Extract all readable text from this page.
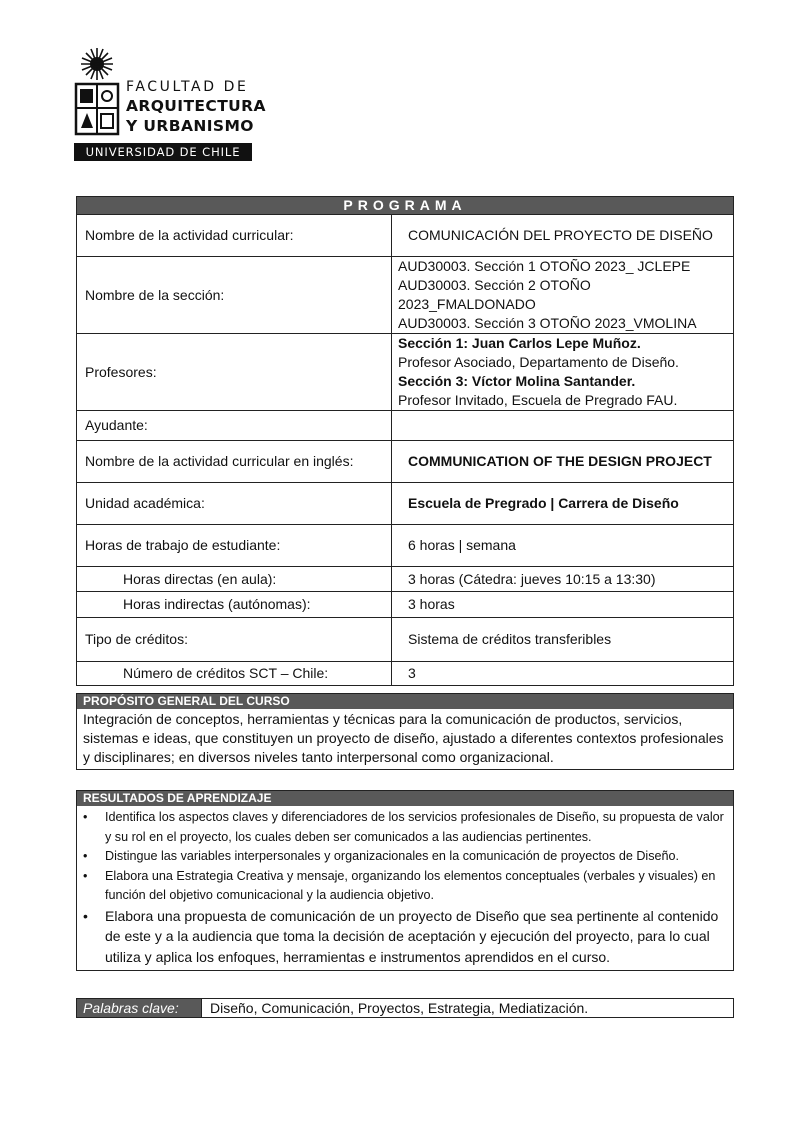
FACULTAD DE
ARQUITECTURA
Y URBANISMO
UNIVERSIDAD DE CHILE
PROGRAMA	
Nombre de la actividad curricular:	COMUNICACIÓN DEL PROYECTO DE DISEÑO
Nombre de la sección:	AUD30003. Sección 1 OTOÑO 2023_ JCLEPE
AUD30003. Sección 2 OTOÑO 2023_FMALDONADO
AUD30003. Sección 3 OTOÑO 2023_VMOLINA

Profesores:	Sección 1: Juan Carlos Lepe Muñoz.
Profesor Asociado, Departamento de Diseño.
Sección 3: Víctor Molina Santander.
Profesor Invitado, Escuela de Pregrado FAU.

Ayudante:	
Nombre de la actividad curricular en inglés:	COMMUNICATION OF THE DESIGN PROJECT
Unidad académica:	Escuela de Pregrado | Carrera de Diseño
Horas de trabajo de estudiante:	6 horas | semana
Horas directas (en aula):	3 horas (Cátedra: jueves 10:15 a 13:30)
Horas indirectas (autónomas):	3 horas
Tipo de créditos:	Sistema de créditos transferibles
Número de créditos SCT – Chile:	3
PROPÓSITO GENERAL DEL CURSO
Integración de conceptos, herramientas y técnicas para la comunicación de productos, servicios, sistemas e ideas, que constituyen un proyecto de diseño, ajustado a diferentes contextos profesionales y disciplinares; en diversos niveles tanto interpersonal como organizacional.
RESULTADOS DE APRENDIZAJE
• Identifica los aspectos claves y diferenciadores de los servicios profesionales de Diseño, su propuesta de valor y su rol en el proyecto, los cuales deben ser comunicados a las audiencias pertinentes.
• Distingue las variables interpersonales y organizacionales en la comunicación de proyectos de Diseño.
• Elabora una Estrategia Creativa y mensaje, organizando los elementos conceptuales (verbales y visuales) en función del objetivo comunicacional y la audiencia objetivo.
• Elabora una propuesta de comunicación de un proyecto de Diseño que sea pertinente al contenido de este y a la audiencia que toma la decisión de aceptación y ejecución del proyecto, para lo cual utiliza y aplica los enfoques, herramientas e instrumentos aprendidos en el curso.
Palabras clave:	Diseño, Comunicación, Proyectos, Estrategia, Mediatización.
